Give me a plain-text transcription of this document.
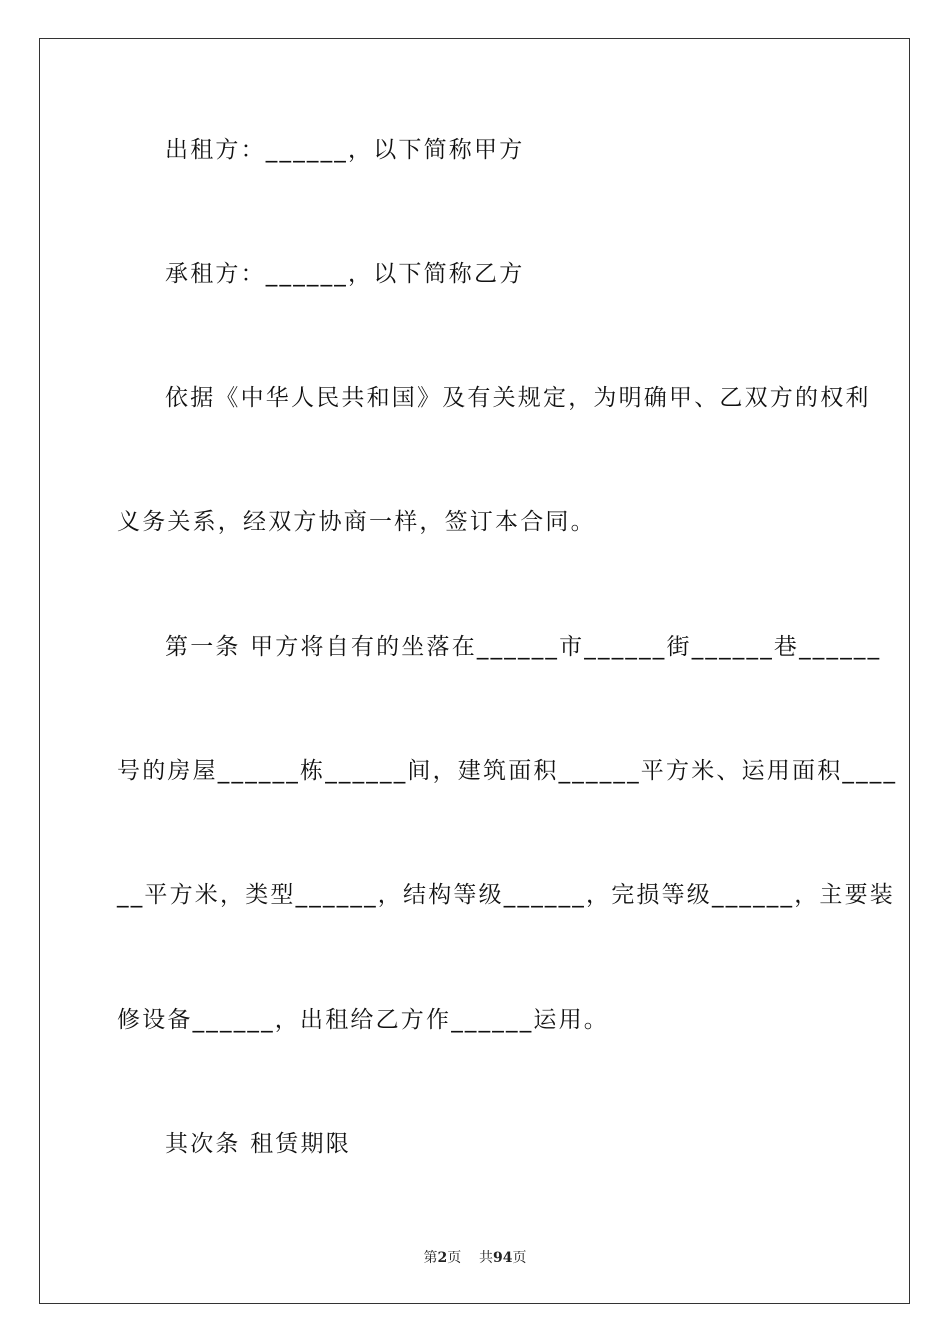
出租方：______，以下简称甲方
承租方：______，以下简称乙方
依据《中华人民共和国》及有关规定，为明确甲、乙双方的权利
义务关系，经双方协商一样，签订本合同。
第一条 甲方将自有的坐落在______市______街______巷______
号的房屋______栋______间，建筑面积______平方米、运用面积____
__平方米，类型______，结构等级______，完损等级______，主要装
修设备______，出租给乙方作______运用。
其次条 租赁期限
第2页 共94页
